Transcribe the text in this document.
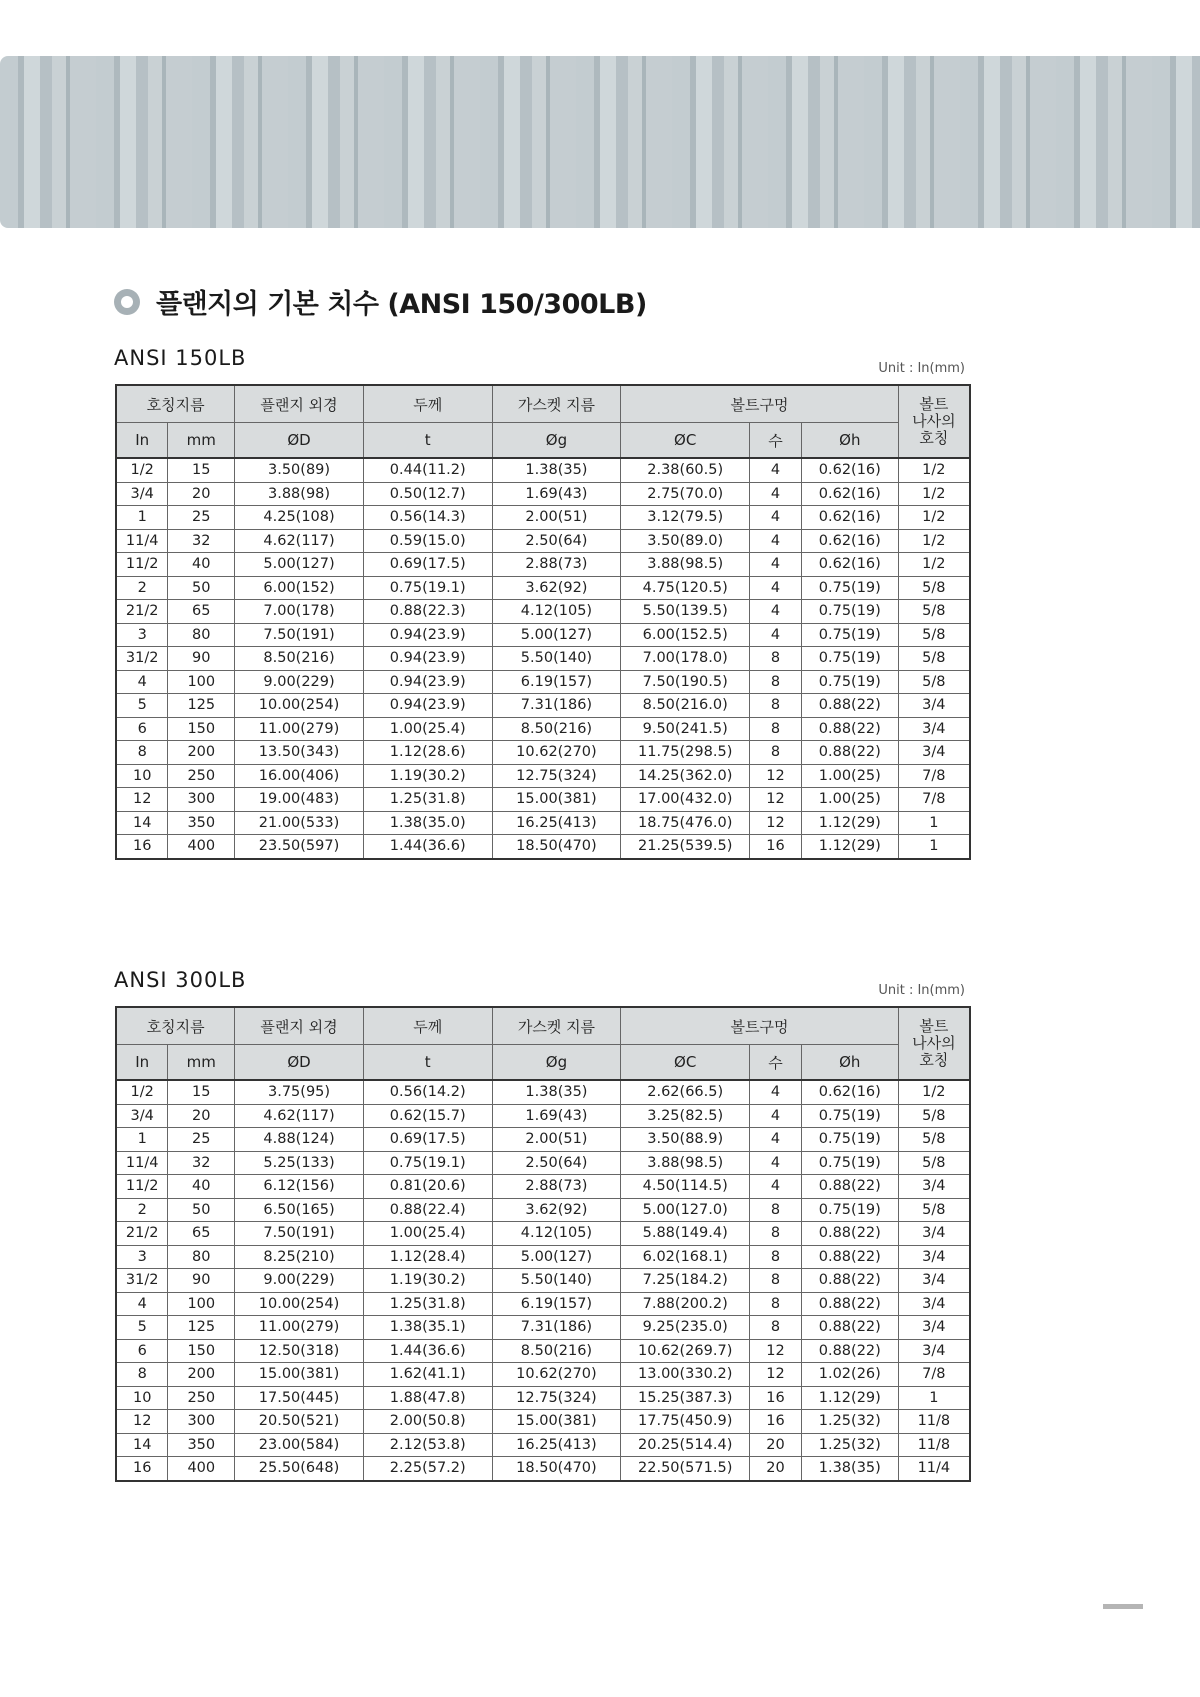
플랜지의 기본 치수 (ANSI 150/300LB)
ANSI 150LB	Unit : In(mm)
호칭지름		플랜지 외경	두께	가스켓 지름	볼트구멍			볼트
나사의
호칭
In	mm	ØD	t	Øg	ØC	수	Øh	
1/2	15	3.50(89)	0.44(11.2)	1.38(35)	2.38(60.5)	4	0.62(16)	1/2
3/4	20	3.88(98)	0.50(12.7)	1.69(43)	2.75(70.0)	4	0.62(16)	1/2
1	25	4.25(108)	0.56(14.3)	2.00(51)	3.12(79.5)	4	0.62(16)	1/2
11/4	32	4.62(117)	0.59(15.0)	2.50(64)	3.50(89.0)	4	0.62(16)	1/2
11/2	40	5.00(127)	0.69(17.5)	2.88(73)	3.88(98.5)	4	0.62(16)	1/2
2	50	6.00(152)	0.75(19.1)	3.62(92)	4.75(120.5)	4	0.75(19)	5/8
21/2	65	7.00(178)	0.88(22.3)	4.12(105)	5.50(139.5)	4	0.75(19)	5/8
3	80	7.50(191)	0.94(23.9)	5.00(127)	6.00(152.5)	4	0.75(19)	5/8
31/2	90	8.50(216)	0.94(23.9)	5.50(140)	7.00(178.0)	8	0.75(19)	5/8
4	100	9.00(229)	0.94(23.9)	6.19(157)	7.50(190.5)	8	0.75(19)	5/8
5	125	10.00(254)	0.94(23.9)	7.31(186)	8.50(216.0)	8	0.88(22)	3/4
6	150	11.00(279)	1.00(25.4)	8.50(216)	9.50(241.5)	8	0.88(22)	3/4
8	200	13.50(343)	1.12(28.6)	10.62(270)	11.75(298.5)	8	0.88(22)	3/4
10	250	16.00(406)	1.19(30.2)	12.75(324)	14.25(362.0)	12	1.00(25)	7/8
12	300	19.00(483)	1.25(31.8)	15.00(381)	17.00(432.0)	12	1.00(25)	7/8
14	350	21.00(533)	1.38(35.0)	16.25(413)	18.75(476.0)	12	1.12(29)	1
16	400	23.50(597)	1.44(36.6)	18.50(470)	21.25(539.5)	16	1.12(29)	1
ANSI 300LB	Unit : In(mm)
호칭지름		플랜지 외경	두께	가스켓 지름	볼트구멍			볼트
나사의
호칭
In	mm	ØD	t	Øg	ØC	수	Øh	
1/2	15	3.75(95)	0.56(14.2)	1.38(35)	2.62(66.5)	4	0.62(16)	1/2
3/4	20	4.62(117)	0.62(15.7)	1.69(43)	3.25(82.5)	4	0.75(19)	5/8
1	25	4.88(124)	0.69(17.5)	2.00(51)	3.50(88.9)	4	0.75(19)	5/8
11/4	32	5.25(133)	0.75(19.1)	2.50(64)	3.88(98.5)	4	0.75(19)	5/8
11/2	40	6.12(156)	0.81(20.6)	2.88(73)	4.50(114.5)	4	0.88(22)	3/4
2	50	6.50(165)	0.88(22.4)	3.62(92)	5.00(127.0)	8	0.75(19)	5/8
21/2	65	7.50(191)	1.00(25.4)	4.12(105)	5.88(149.4)	8	0.88(22)	3/4
3	80	8.25(210)	1.12(28.4)	5.00(127)	6.02(168.1)	8	0.88(22)	3/4
31/2	90	9.00(229)	1.19(30.2)	5.50(140)	7.25(184.2)	8	0.88(22)	3/4
4	100	10.00(254)	1.25(31.8)	6.19(157)	7.88(200.2)	8	0.88(22)	3/4
5	125	11.00(279)	1.38(35.1)	7.31(186)	9.25(235.0)	8	0.88(22)	3/4
6	150	12.50(318)	1.44(36.6)	8.50(216)	10.62(269.7)	12	0.88(22)	3/4
8	200	15.00(381)	1.62(41.1)	10.62(270)	13.00(330.2)	12	1.02(26)	7/8
10	250	17.50(445)	1.88(47.8)	12.75(324)	15.25(387.3)	16	1.12(29)	1
12	300	20.50(521)	2.00(50.8)	15.00(381)	17.75(450.9)	16	1.25(32)	11/8
14	350	23.00(584)	2.12(53.8)	16.25(413)	20.25(514.4)	20	1.25(32)	11/8
16	400	25.50(648)	2.25(57.2)	18.50(470)	22.50(571.5)	20	1.38(35)	11/4
